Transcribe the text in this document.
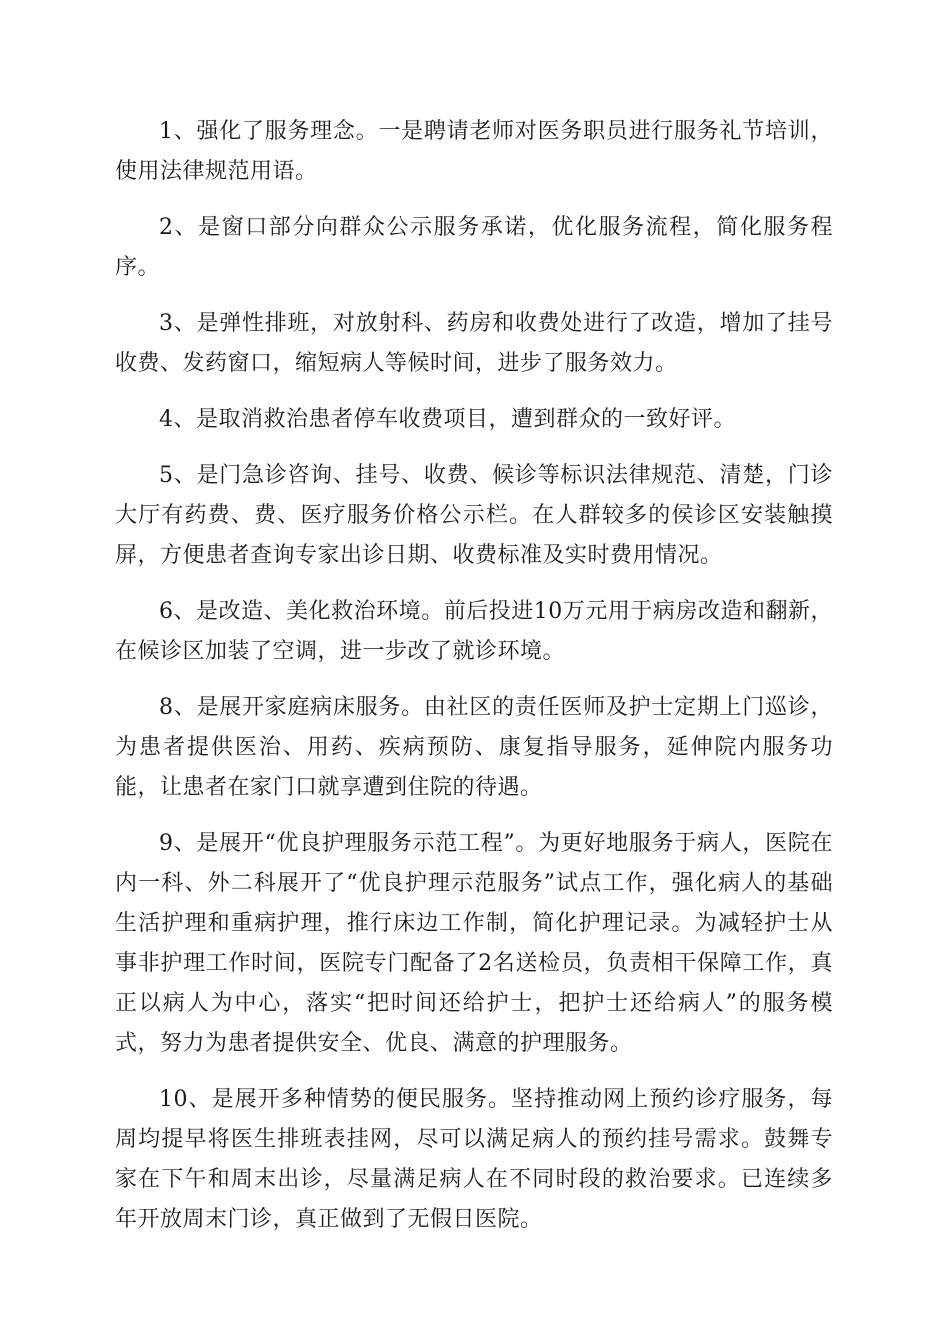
1、强化了服务理念。一是聘请老师对医务职员进行服务礼节培训，使用法律规范用语。

2、是窗口部分向群众公示服务承诺，优化服务流程，简化服务程序。

3、是弹性排班，对放射科、药房和收费处进行了改造，增加了挂号收费、发药窗口，缩短病人等候时间，进步了服务效力。

4、是取消救治患者停车收费项目，遭到群众的一致好评。

5、是门急诊咨询、挂号、收费、候诊等标识法律规范、清楚，门诊大厅有药费、费、医疗服务价格公示栏。在人群较多的侯诊区安装触摸屏，方便患者查询专家出诊日期、收费标准及实时费用情况。

6、是改造、美化救治环境。前后投进10万元用于病房改造和翻新，在候诊区加装了空调，进一步改了就诊环境。

8、是展开家庭病床服务。由社区的责任医师及护士定期上门巡诊，为患者提供医治、用药、疾病预防、康复指导服务，延伸院内服务功能，让患者在家门口就享遭到住院的待遇。

9、是展开“优良护理服务示范工程”。为更好地服务于病人，医院在内一科、外二科展开了“优良护理示范服务”试点工作，强化病人的基础生活护理和重病护理，推行床边工作制，简化护理记录。为减轻护士从事非护理工作时间，医院专门配备了2名送检员，负责相干保障工作，真正以病人为中心，落实“把时间还给护士，把护士还给病人”的服务模式，努力为患者提供安全、优良、满意的护理服务。

10、是展开多种情势的便民服务。坚持推动网上预约诊疗服务，每周均提早将医生排班表挂网，尽可以满足病人的预约挂号需求。鼓舞专家在下午和周末出诊，尽量满足病人在不同时段的救治要求。已连续多年开放周末门诊，真正做到了无假日医院。
